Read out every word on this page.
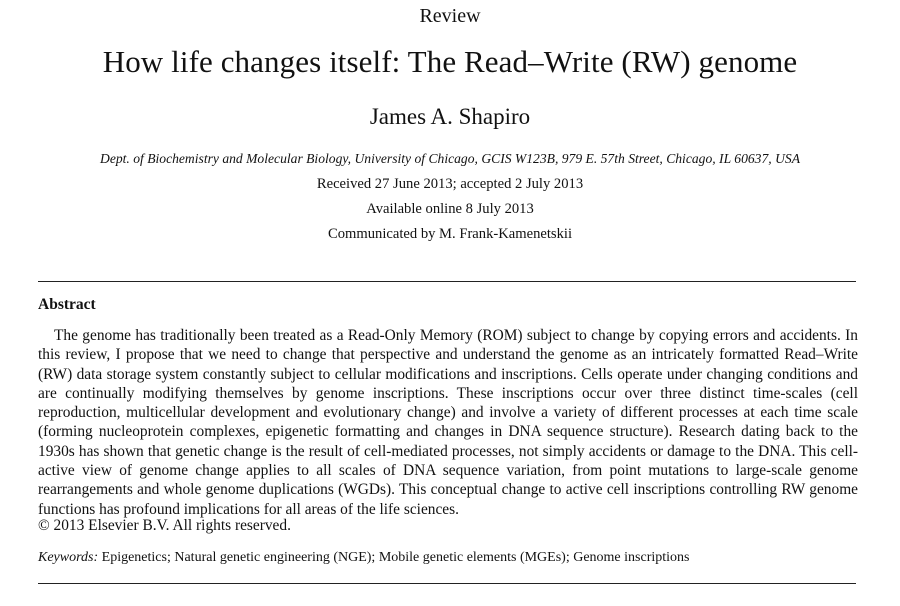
Review
How life changes itself: The Read–Write (RW) genome
James A. Shapiro
Dept. of Biochemistry and Molecular Biology, University of Chicago, GCIS W123B, 979 E. 57th Street, Chicago, IL 60637, USA
Received 27 June 2013; accepted 2 July 2013
Available online 8 July 2013
Communicated by M. Frank-Kamenetskii
Abstract

The genome has traditionally been treated as a Read-Only Memory (ROM) subject to change by copying errors and accidents. In this review, I propose that we need to change that perspective and understand the genome as an intricately formatted Read–Write (RW) data storage system constantly subject to cellular modifications and inscriptions. Cells operate under changing conditions and are continually modifying themselves by genome inscriptions. These inscriptions occur over three distinct time-scales (cell reproduction, multicellular development and evolutionary change) and involve a variety of different processes at each time scale (forming nucleoprotein complexes, epigenetic formatting and changes in DNA sequence structure). Research dating back to the 1930s has shown that genetic change is the result of cell-mediated processes, not simply accidents or damage to the DNA. This cell-active view of genome change applies to all scales of DNA sequence variation, from point mutations to large-scale genome rearrangements and whole genome duplications (WGDs). This conceptual change to active cell inscriptions controlling RW genome functions has profound implications for all areas of the life sciences.

© 2013 Elsevier B.V. All rights reserved.
Keywords: Epigenetics; Natural genetic engineering (NGE); Mobile genetic elements (MGEs); Genome inscriptions
